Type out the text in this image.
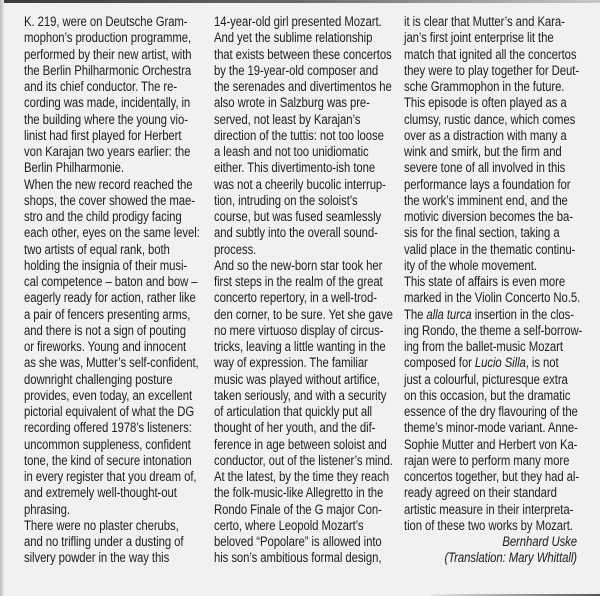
K. 219, were on Deutsche Gram-
mophon’s production programme,
performed by their new artist, with
the Berlin Philharmonic Orchestra
and its chief conductor. The re-
cording was made, incidentally, in
the building where the young vio-
linist had first played for Herbert
von Karajan two years earlier: the
Berlin Philharmonie.
When the new record reached the
shops, the cover showed the mae-
stro and the child prodigy facing
each other, eyes on the same level:
two artists of equal rank, both
holding the insignia of their musi-
cal competence – baton and bow –
eagerly ready for action, rather like
a pair of fencers presenting arms,
and there is not a sign of pouting
or fireworks. Young and innocent
as she was, Mutter’s self-confident,
downright challenging posture
provides, even today, an excellent
pictorial equivalent of what the DG
recording offered 1978’s listeners:
uncommon suppleness, confident
tone, the kind of secure intonation
in every register that you dream of,
and extremely well-thought-out
phrasing.
There were no plaster cherubs,
and no trifling under a dusting of
silvery powder in the way this
14-year-old girl presented Mozart.
And yet the sublime relationship
that exists between these concertos
by the 19-year-old composer and
the serenades and divertimentos he
also wrote in Salzburg was pre-
served, not least by Karajan’s
direction of the tuttis: not too loose
a leash and not too unidiomatic
either. This divertimento-ish tone
was not a cheerily bucolic interrup-
tion, intruding on the soloist’s
course, but was fused seamlessly
and subtly into the overall sound-
process.
And so the new-born star took her
first steps in the realm of the great
concerto repertory, in a well-trod-
den corner, to be sure. Yet she gave
no mere virtuoso display of circus-
tricks, leaving a little wanting in the
way of expression. The familiar
music was played without artifice,
taken seriously, and with a security
of articulation that quickly put all
thought of her youth, and the dif-
ference in age between soloist and
conductor, out of the listener’s mind.
At the latest, by the time they reach
the folk-music-like Allegretto in the
Rondo Finale of the G major Con-
certo, where Leopold Mozart’s
beloved “Popolare” is allowed into
his son’s ambitious formal design,
it is clear that Mutter’s and Kara-
jan’s first joint enterprise lit the
match that ignited all the concertos
they were to play together for Deut-
sche Grammophon in the future.
This episode is often played as a
clumsy, rustic dance, which comes
over as a distraction with many a
wink and smirk, but the firm and
severe tone of all involved in this
performance lays a foundation for
the work’s imminent end, and the
motivic diversion becomes the ba-
sis for the final section, taking a
valid place in the thematic continu-
ity of the whole movement.
This state of affairs is even more
marked in the Violin Concerto No.5.
The alla turca insertion in the clos-
ing Rondo, the theme a self-borrow-
ing from the ballet-music Mozart
composed for Lucio Silla, is not
just a colourful, picturesque extra
on this occasion, but the dramatic
essence of the dry flavouring of the
theme’s minor-mode variant. Anne-
Sophie Mutter and Herbert von Ka-
rajan were to perform many more
concertos together, but they had al-
ready agreed on their standard
artistic measure in their interpreta-
tion of these two works by Mozart.
Bernhard Uske
(Translation: Mary Whittall)
